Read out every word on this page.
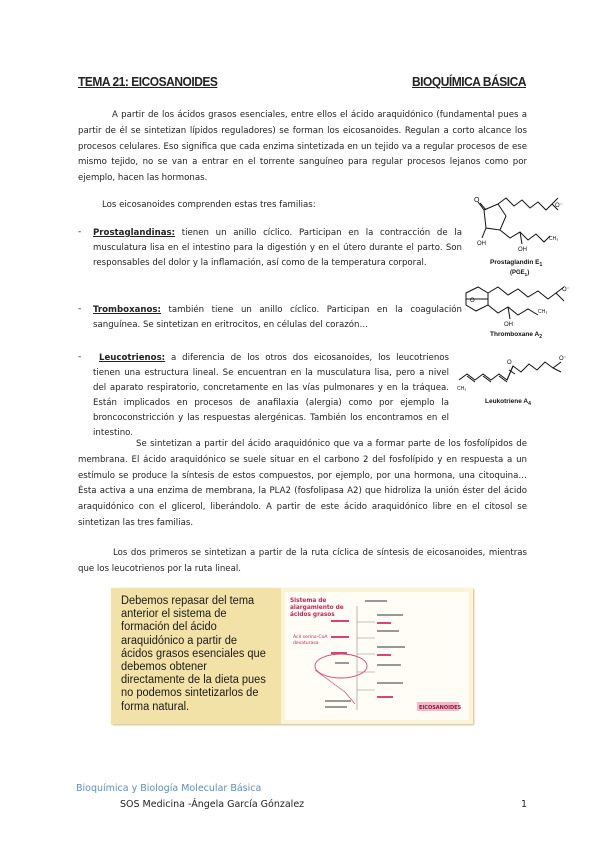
TEMA 21: EICOSANOIDES	BIOQUÍMICA BÁSICA
A partir de los ácidos grasos esenciales, entre ellos el ácido araquidónico (fundamental pues a partir de él se sintetizan lípidos reguladores) se forman los eicosanoides. Regulan a corto alcance los procesos celulares. Eso significa que cada enzima sintetizada en un tejido va a regular procesos de ese mismo tejido, no se van a entrar en el torrente sanguíneo para regular procesos lejanos como por ejemplo, hacen las hormonas.
Los eicosanoides comprenden estas tres familias:
- Prostaglandinas: tienen un anillo cíclico. Participan en la contracción de la musculatura lisa en el intestino para la digestión y en el útero durante el parto. Son responsables del dolor y la inflamación, así como de la temperatura corporal.
- Tromboxanos: también tiene un anillo cíclico. Participan en la coagulación sanguínea. Se sintetizan en eritrocitos, en células del corazón…
-	Leucotrienos: a diferencia de los otros dos eicosanoides, los leucotrienos tienen una estructura lineal. Se encuentran en la musculatura lisa, pero a nivel del aparato respiratorio, concretamente en las vías pulmonares y en la tráquea. Están implicados en procesos de anafilaxia (alergia) como por ejemplo la broncoconstricción y las respuestas alergénicas. También los encontramos en el intestino.
Se sintetizan a partir del ácido araquidónico que va a formar parte de los fosfolípidos de membrana. El ácido araquidónico se suele situar en el carbono 2 del fosfolípido y en respuesta a un estímulo se produce la síntesis de estos compuestos, por ejemplo, por una hormona, una citoquina… Ésta activa a una enzima de membrana, la PLA2 (fosfolipasa A2) que hidroliza la unión éster del ácido araquidónico con el glicerol, liberándolo. A partir de este ácido araquidónico libre en el citosol se sintetizan las tres familias.
Los dos primeros se sintetizan a partir de la ruta cíclica de síntesis de eicosanoides, mientras que los leucotrienos por la ruta lineal.
O
O⁻
OH
OH
CH₃
Prostaglandin $E_1$
$(PGE_1)$
O
O⁻
OH
CH₃
Thromboxane $A_2$
O
O⁻
CH₃
Leukotriene $A_4$
Debemos repasar del tema anterior el sistema de formación del ácido araquidónico a partir de ácidos grasos esenciales que debemos obtener directamente de la dieta pues no podemos sintetizarlos de forma natural.
Sistema de
alargamiento de
ácidos grasos
Acil serina-CoA
desaturasa
EICOSANOIDES
Bioquímica y Biología Molecular Básica
SOS Medicina -Ángela García Gónzalez	1
